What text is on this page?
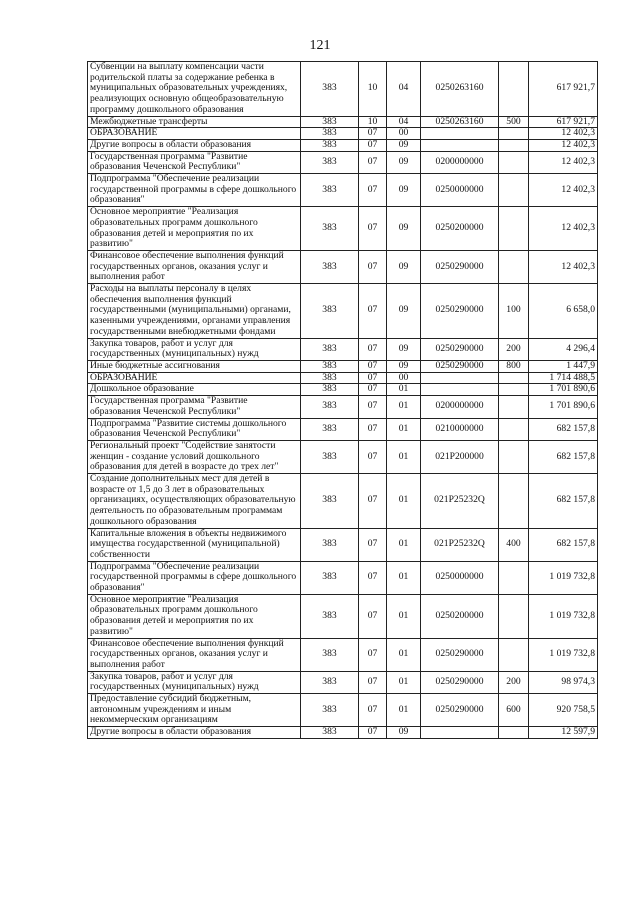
121
Субвенции на выплату компенсации части родительской платы за содержание ребенка в муниципальных образовательных учреждениях, реализующих основную общеобразовательную программу дошкольного образования	383	10	04	0250263160		617 921,7
Межбюджетные трансферты	383	10	04	0250263160	500	617 921,7
ОБРАЗОВАНИЕ	383	07	00			12 402,3
Другие вопросы в области образования	383	07	09			12 402,3
Государственная программа "Развитие образования Чеченской Республики"	383	07	09	0200000000		12 402,3
Подпрограмма "Обеспечение реализации государственной программы в сфере дошкольного образования"	383	07	09	0250000000		12 402,3
Основное мероприятие "Реализация образовательных программ дошкольного образования детей и мероприятия по их развитию"	383	07	09	0250200000		12 402,3
Финансовое обеспечение выполнения функций государственных органов, оказания услуг и выполнения работ	383	07	09	0250290000		12 402,3
Расходы на выплаты персоналу в целях обеспечения выполнения функций государственными (муниципальными) органами, казенными учреждениями, органами управления государственными внебюджетными фондами	383	07	09	0250290000	100	6 658,0
Закупка товаров, работ и услуг для государственных (муниципальных) нужд	383	07	09	0250290000	200	4 296,4
Иные бюджетные ассигнования	383	07	09	0250290000	800	1 447,9
ОБРАЗОВАНИЕ	383	07	00			1 714 488,5
Дошкольное образование	383	07	01			1 701 890,6
Государственная программа "Развитие образования Чеченской Республики"	383	07	01	0200000000		1 701 890,6
Подпрограмма "Развитие системы дошкольного образования Чеченской Республики"	383	07	01	0210000000		682 157,8
Региональный проект "Содействие занятости женщин - создание условий дошкольного образования для детей в возрасте до трех лет"	383	07	01	021P200000		682 157,8
Создание дополнительных мест для детей в возрасте от 1,5 до 3 лет в образовательных организациях, осуществляющих образовательную деятельность по образовательным программам дошкольного образования	383	07	01	021P25232Q		682 157,8
Капитальные вложения в объекты недвижимого имущества государственной (муниципальной) собственности	383	07	01	021P25232Q	400	682 157,8
Подпрограмма "Обеспечение реализации государственной программы в сфере дошкольного образования"	383	07	01	0250000000		1 019 732,8
Основное мероприятие "Реализация образовательных программ дошкольного образования детей и мероприятия по их развитию"	383	07	01	0250200000		1 019 732,8
Финансовое обеспечение выполнения функций государственных органов, оказания услуг и выполнения работ	383	07	01	0250290000		1 019 732,8
Закупка товаров, работ и услуг для государственных (муниципальных) нужд	383	07	01	0250290000	200	98 974,3
Предоставление субсидий бюджетным, автономным учреждениям и иным некоммерческим организациям	383	07	01	0250290000	600	920 758,5
Другие вопросы в области образования	383	07	09			12 597,9
